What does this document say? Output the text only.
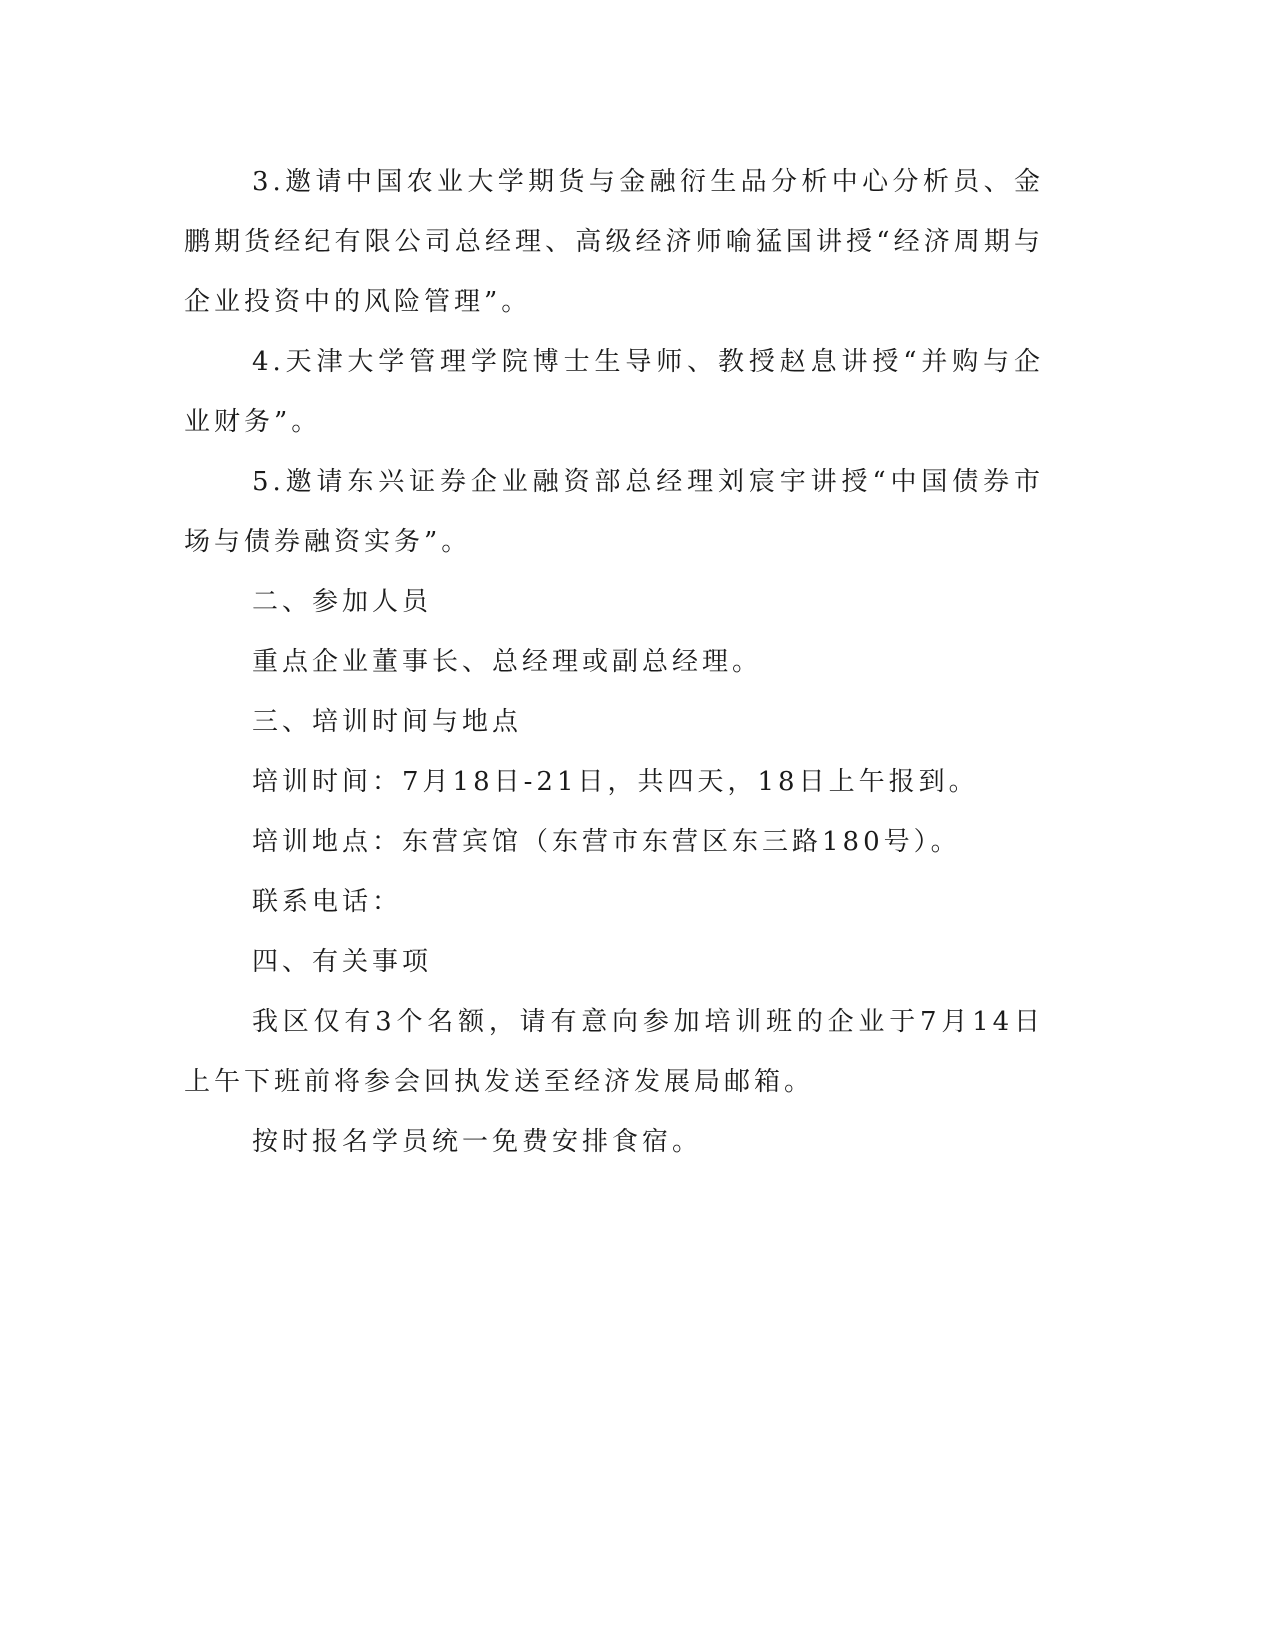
3.邀请中国农业大学期货与金融衍生品分析中心分析员、金鹏期货经纪有限公司总经理、高级经济师喻猛国讲授“经济周期与企业投资中的风险管理”。

4.天津大学管理学院博士生导师、教授赵息讲授“并购与企业财务”。

5.邀请东兴证券企业融资部总经理刘宸宇讲授“中国债券市场与债券融资实务”。

二、参加人员

重点企业董事长、总经理或副总经理。

三、培训时间与地点

培训时间：7月18日-21日，共四天，18日上午报到。

培训地点：东营宾馆（东营市东营区东三路180号）。

联系电话：

四、有关事项

我区仅有3个名额，请有意向参加培训班的企业于7月14日上午下班前将参会回执发送至经济发展局邮箱。

按时报名学员统一免费安排食宿。
